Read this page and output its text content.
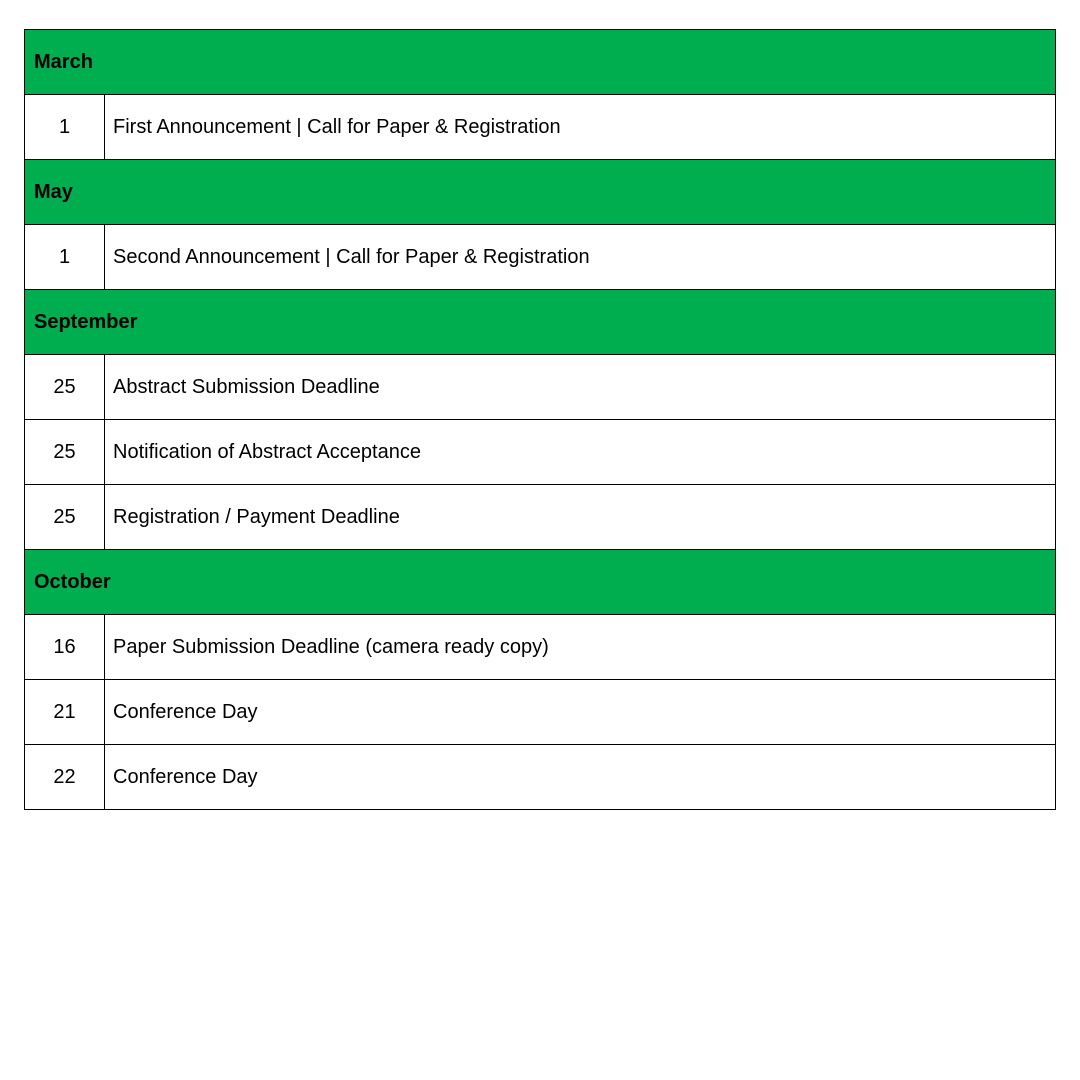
March	
1	First Announcement | Call for Paper & Registration
May	
1	Second Announcement | Call for Paper & Registration
September	
25	Abstract Submission Deadline
25	Notification of Abstract Acceptance
25	Registration / Payment Deadline
October	
16	Paper Submission Deadline (camera ready copy)
21	Conference Day
22	Conference Day
